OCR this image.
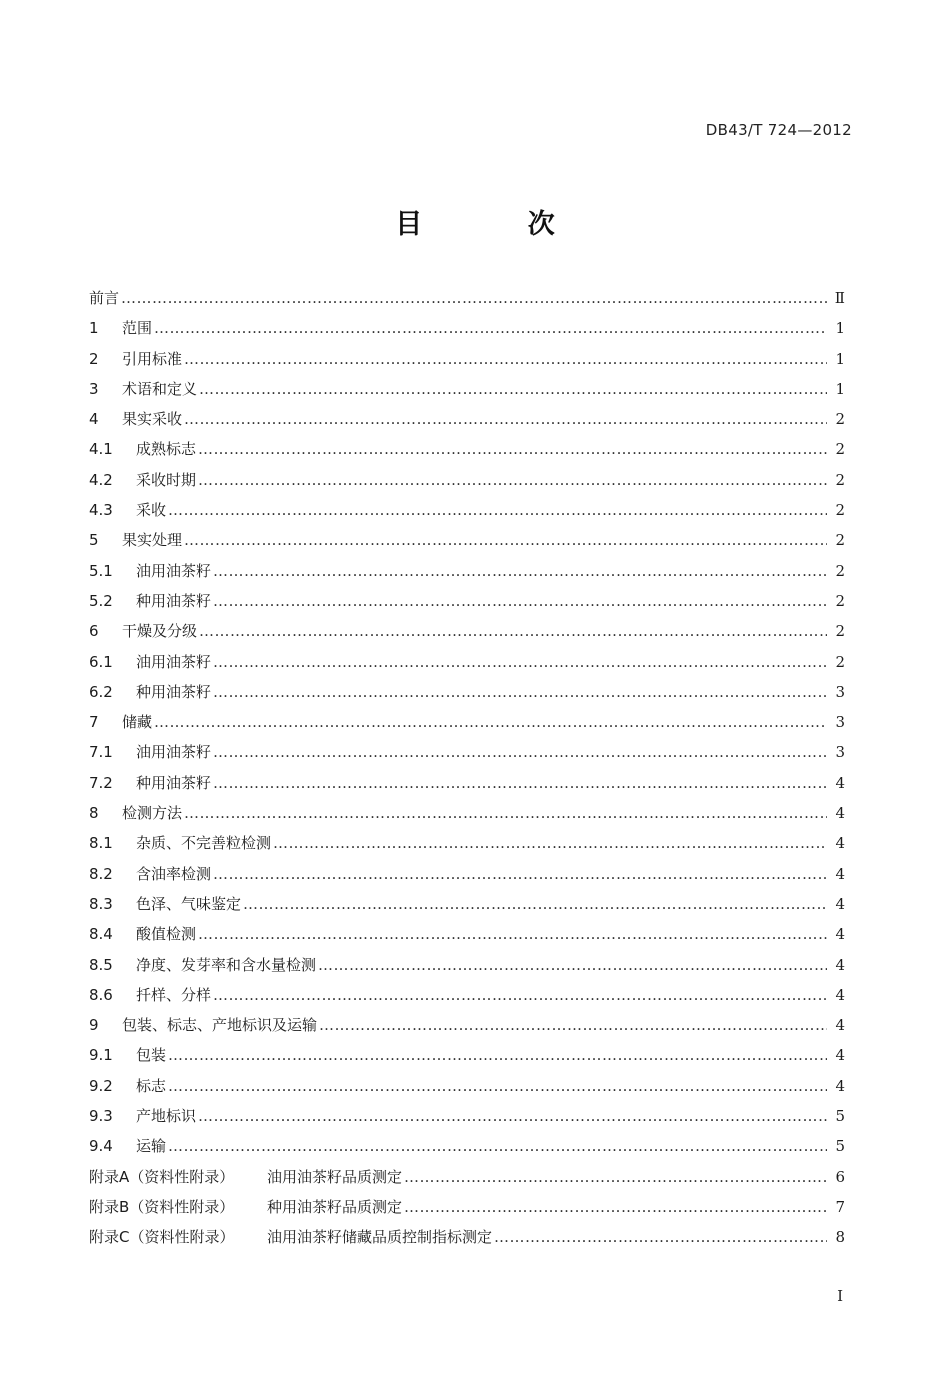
DB43/T 724—2012
目 次
前言 ……………………………………………………………………………………………………………………………………………………………………………………………………………………………………	Ⅱ
1	范围 ……………………………………………………………………………………………………………………………………………………………………………………………………………………………………	1
2	引用标准 ……………………………………………………………………………………………………………………………………………………………………………………………………………………………………	1
3	术语和定义 ……………………………………………………………………………………………………………………………………………………………………………………………………………………………………	1
4	果实采收 ……………………………………………………………………………………………………………………………………………………………………………………………………………………………………	2
4.1	成熟标志 ……………………………………………………………………………………………………………………………………………………………………………………………………………………………………	2
4.2	采收时期 ……………………………………………………………………………………………………………………………………………………………………………………………………………………………………	2
4.3	采收 ……………………………………………………………………………………………………………………………………………………………………………………………………………………………………	2
5	果实处理 ……………………………………………………………………………………………………………………………………………………………………………………………………………………………………	2
5.1	油用油茶籽 ……………………………………………………………………………………………………………………………………………………………………………………………………………………………………	2
5.2	种用油茶籽 ……………………………………………………………………………………………………………………………………………………………………………………………………………………………………	2
6	干燥及分级 ……………………………………………………………………………………………………………………………………………………………………………………………………………………………………	2
6.1	油用油茶籽 ……………………………………………………………………………………………………………………………………………………………………………………………………………………………………	2
6.2	种用油茶籽 ……………………………………………………………………………………………………………………………………………………………………………………………………………………………………	3
7	储藏 ……………………………………………………………………………………………………………………………………………………………………………………………………………………………………	3
7.1	油用油茶籽 ……………………………………………………………………………………………………………………………………………………………………………………………………………………………………	3
7.2	种用油茶籽 ……………………………………………………………………………………………………………………………………………………………………………………………………………………………………	4
8	检测方法 ……………………………………………………………………………………………………………………………………………………………………………………………………………………………………	4
8.1	杂质、不完善粒检测 ……………………………………………………………………………………………………………………………………………………………………………………………………………………………………	4
8.2	含油率检测 ……………………………………………………………………………………………………………………………………………………………………………………………………………………………………	4
8.3	色泽、气味鉴定 ……………………………………………………………………………………………………………………………………………………………………………………………………………………………………	4
8.4	酸值检测 ……………………………………………………………………………………………………………………………………………………………………………………………………………………………………	4
8.5	净度、发芽率和含水量检测 ……………………………………………………………………………………………………………………………………………………………………………………………………………………………………	4
8.6	扦样、分样 ……………………………………………………………………………………………………………………………………………………………………………………………………………………………………	4
9	包装、标志、产地标识及运输 ……………………………………………………………………………………………………………………………………………………………………………………………………………………………………	4
9.1	包装 ……………………………………………………………………………………………………………………………………………………………………………………………………………………………………	4
9.2	标志 ……………………………………………………………………………………………………………………………………………………………………………………………………………………………………	4
9.3	产地标识 ……………………………………………………………………………………………………………………………………………………………………………………………………………………………………	5
9.4	运输 ……………………………………………………………………………………………………………………………………………………………………………………………………………………………………	5
附录A（资料性附录）	油用油茶籽品质测定 ……………………………………………………………………………………………………………………………………………………………………………………………………………………………………	6
附录B（资料性附录）	种用油茶籽品质测定 ……………………………………………………………………………………………………………………………………………………………………………………………………………………………………	7
附录C（资料性附录）	油用油茶籽储藏品质控制指标测定 ……………………………………………………………………………………………………………………………………………………………………………………………………………………………………	8
I
